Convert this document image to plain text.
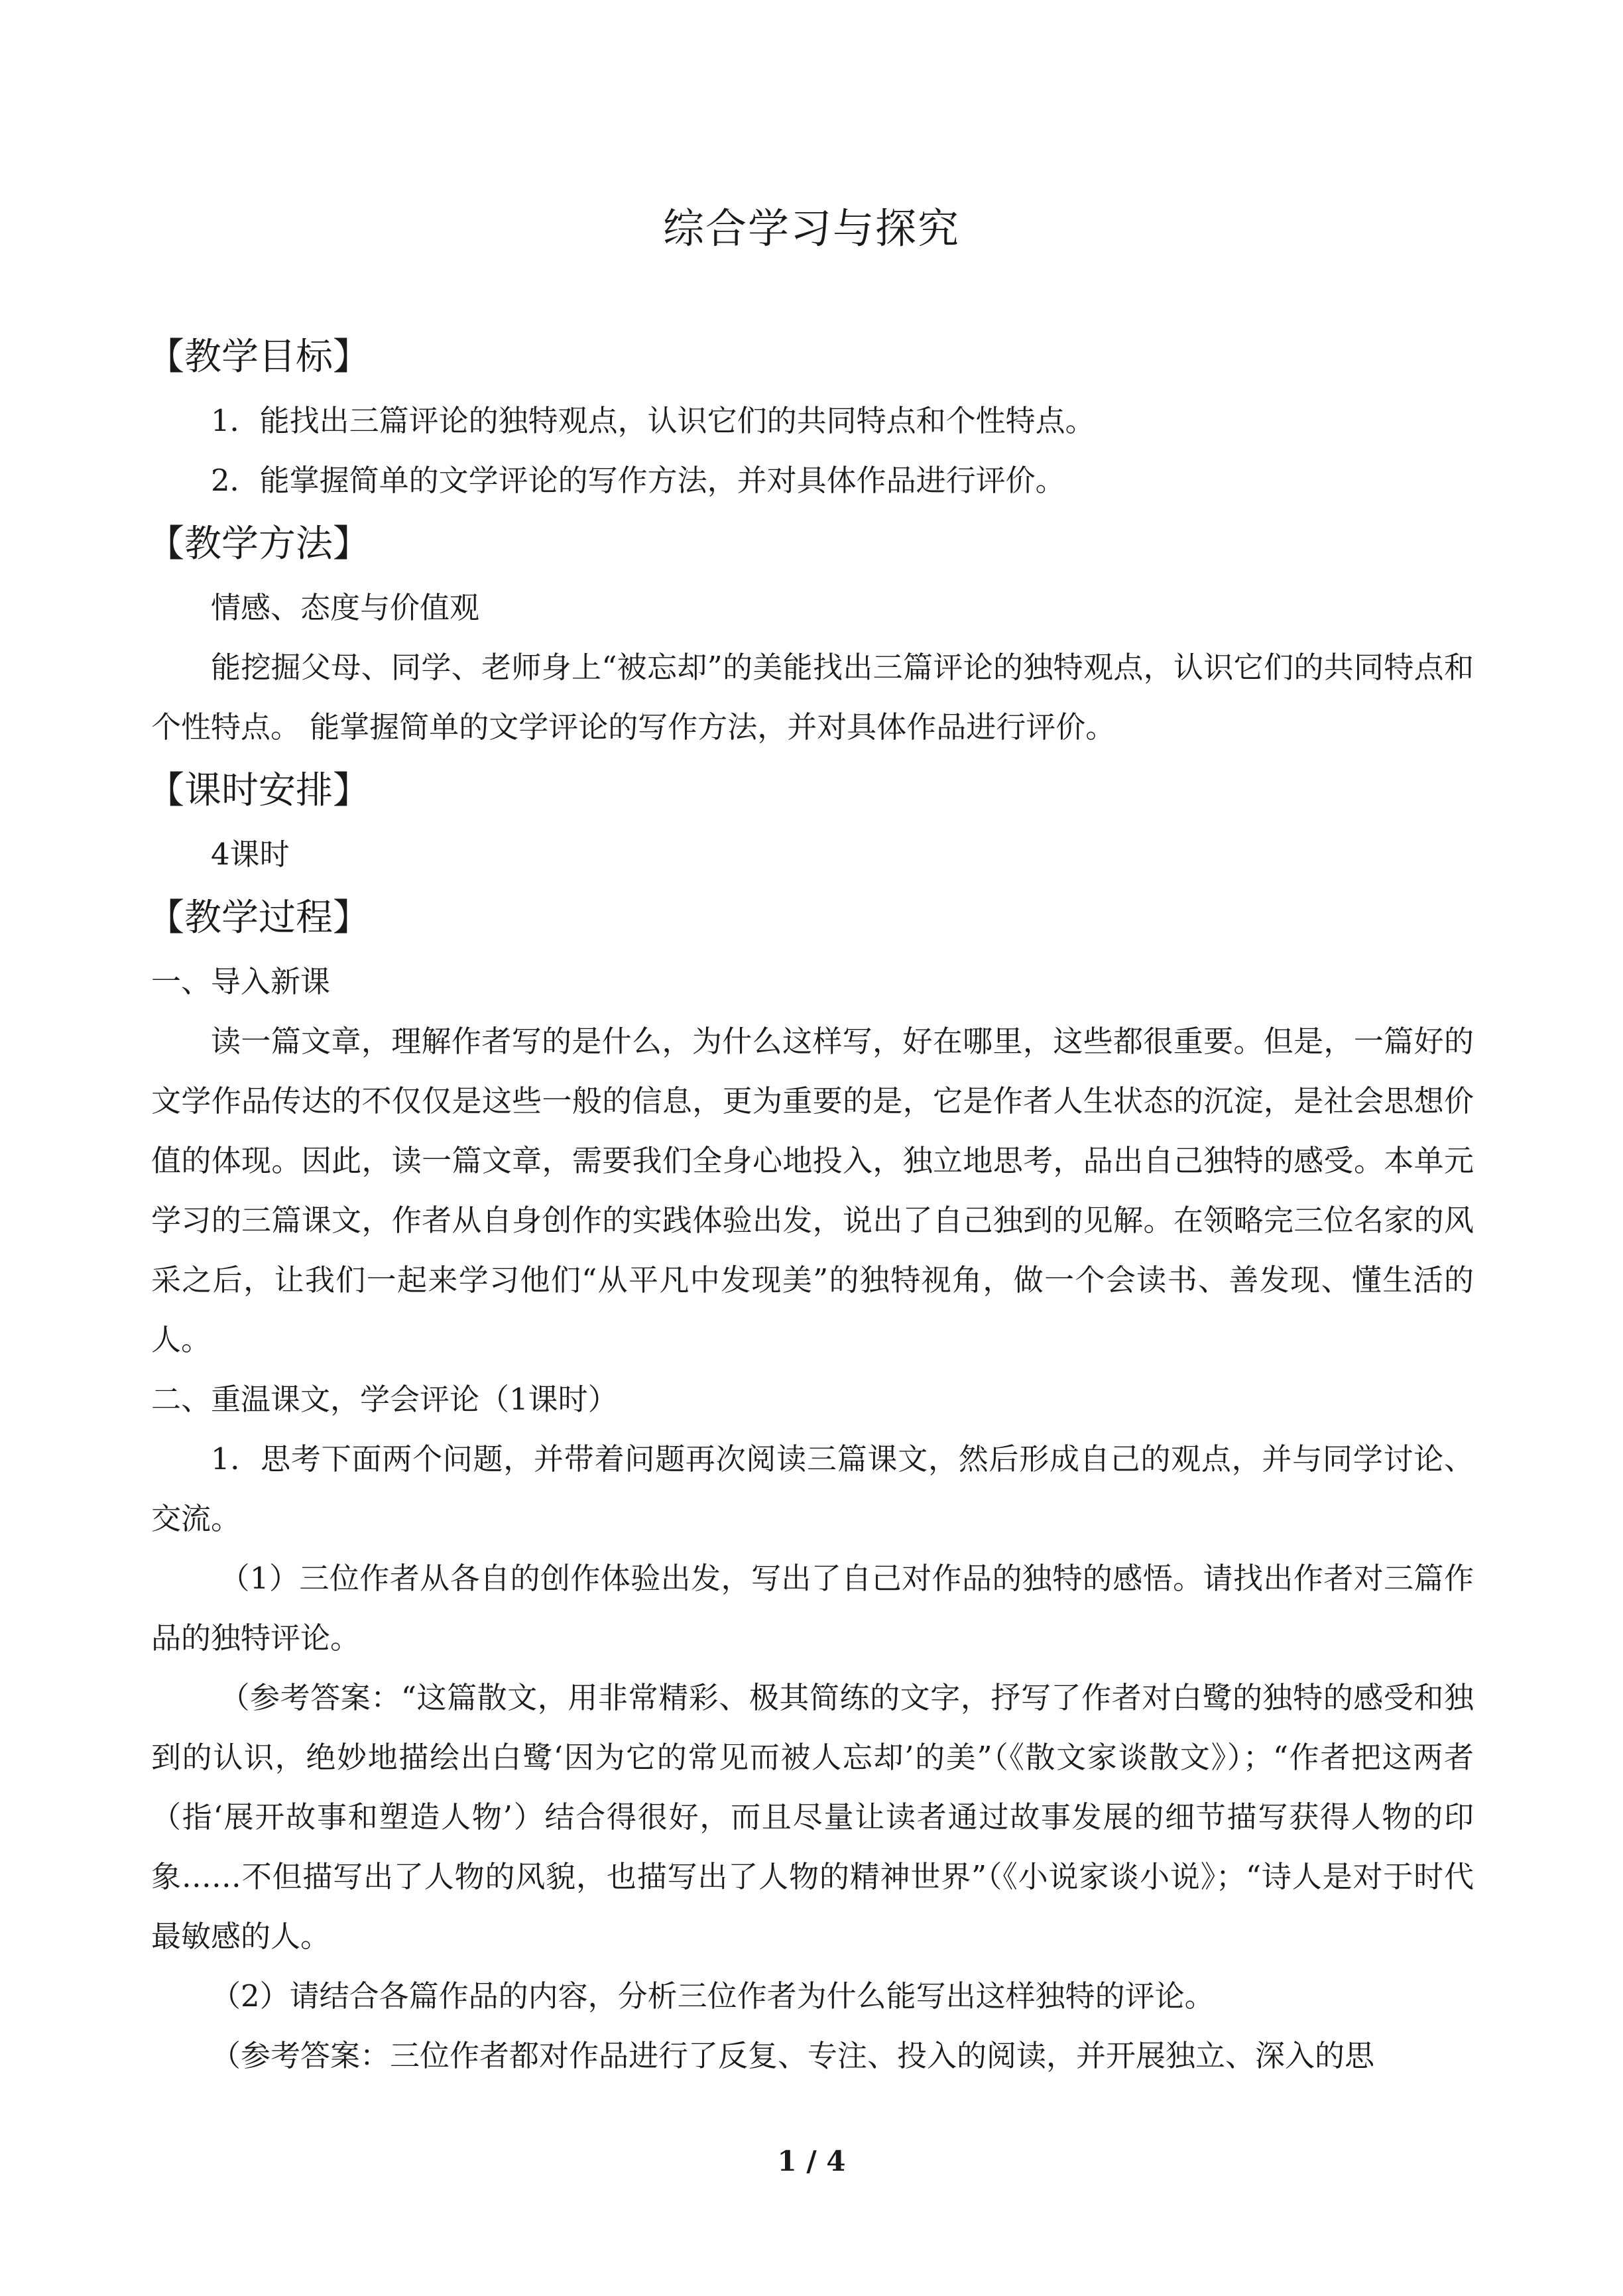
综合学习与探究
【教学目标】

1．能找出三篇评论的独特观点，认识它们的共同特点和个性特点。

2．能掌握简单的文学评论的写作方法，并对具体作品进行评价。

【教学方法】

情感、态度与价值观

能挖掘父母、同学、老师身上“被忘却”的美能找出三篇评论的独特观点，认识它们的共同特点和个性特点。 能掌握简单的文学评论的写作方法，并对具体作品进行评价。

【课时安排】

4课时

【教学过程】

一、导入新课

读一篇文章，理解作者写的是什么，为什么这样写，好在哪里，这些都很重要。但是，一篇好的文学作品传达的不仅仅是这些一般的信息，更为重要的是，它是作者人生状态的沉淀，是社会思想价值的体现。因此，读一篇文章，需要我们全身心地投入，独立地思考，品出自己独特的感受。本单元学习的三篇课文，作者从自身创作的实践体验出发，说出了自己独到的见解。在领略完三位名家的风采之后，让我们一起来学习他们“从平凡中发现美”的独特视角，做一个会读书、善发现、懂生活的人。

二、重温课文，学会评论（1课时）

1．思考下面两个问题，并带着问题再次阅读三篇课文，然后形成自己的观点，并与同学讨论、交流。

（1）三位作者从各自的创作体验出发，写出了自己对作品的独特的感悟。请找出作者对三篇作品的独特评论。

（参考答案：“这篇散文，用非常精彩、极其简练的文字，抒写了作者对白鹭的独特的感受和独到的认识，绝妙地描绘出白鹭‘因为它的常见而被人忘却’的美”（《散文家谈散文》）；“作者把这两者（指‘展开故事和塑造人物’）结合得很好，而且尽量让读者通过故事发展的细节描写获得人物的印象……不但描写出了人物的风貌，也描写出了人物的精神世界”（《小说家谈小说》；“诗人是对于时代最敏感的人。

（2）请结合各篇作品的内容，分析三位作者为什么能写出这样独特的评论。

（参考答案：三位作者都对作品进行了反复、专注、投入的阅读，并开展独立、深入的思

1 / 4
